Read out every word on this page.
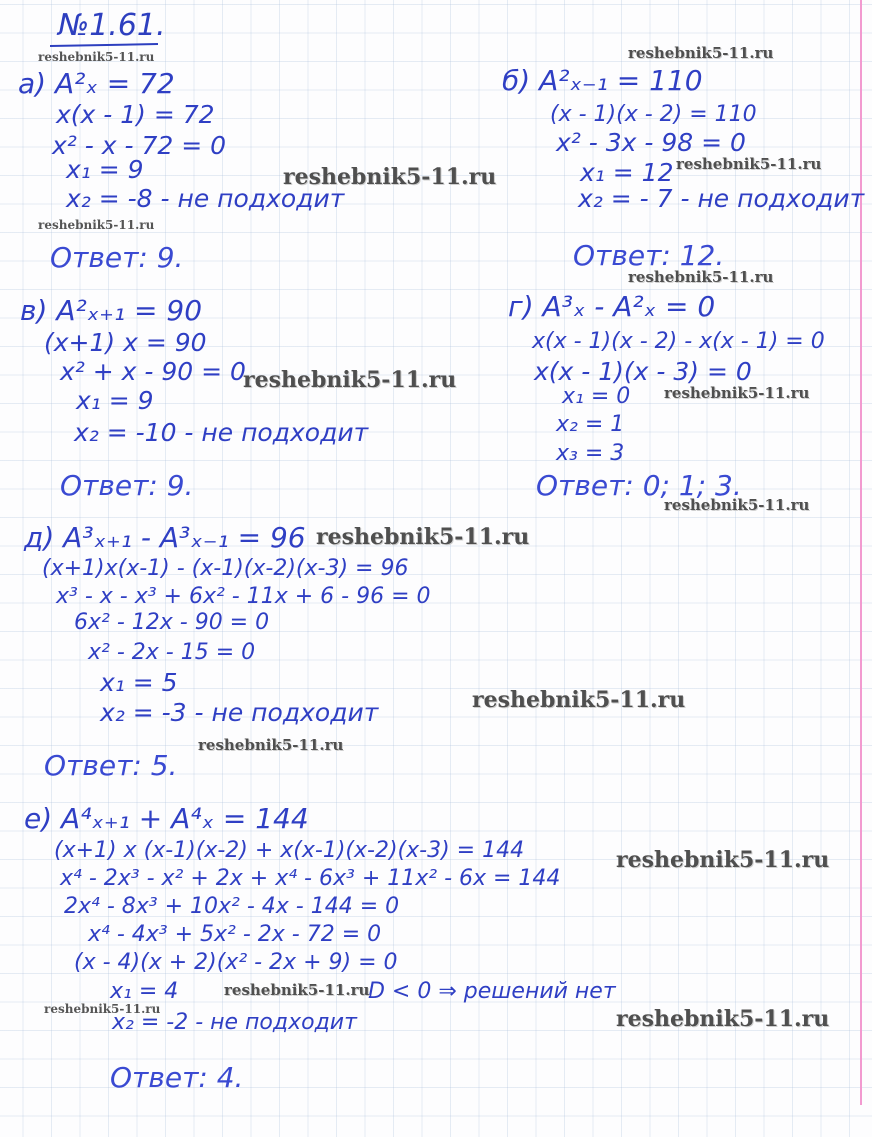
№1.61.
а) A²ₓ = 72
x(x - 1) = 72
x² - x - 72 = 0
x₁ = 9
x₂ = -8 - не подходит
Ответ: 9.
б) A²ₓ₋₁ = 110
(x - 1)(x - 2) = 110
x² - 3x - 98 = 0
x₁ = 12
x₂ = - 7 - не подходит
Ответ: 12.
в) A²ₓ₊₁ = 90
(x+1) x = 90
x² + x - 90 = 0
x₁ = 9
x₂ = -10 - не подходит
Ответ: 9.
г) A³ₓ - A²ₓ = 0
x(x - 1)(x - 2) - x(x - 1) = 0
x(x - 1)(x - 3) = 0
x₁ = 0
x₂ = 1
x₃ = 3
Ответ: 0; 1; 3.
д) A³ₓ₊₁ - A³ₓ₋₁ = 96
(x+1)x(x-1) - (x-1)(x-2)(x-3) = 96
x³ - x - x³ + 6x² - 11x + 6 - 96 = 0
6x² - 12x - 90 = 0
x² - 2x - 15 = 0
x₁ = 5
x₂ = -3 - не подходит
Ответ: 5.
е) A⁴ₓ₊₁ + A⁴ₓ = 144
(x+1) x (x-1)(x-2) + x(x-1)(x-2)(x-3) = 144
x⁴ - 2x³ - x² + 2x + x⁴ - 6x³ + 11x² - 6x = 144
2x⁴ - 8x³ + 10x² - 4x - 144 = 0
x⁴ - 4x³ + 5x² - 2x - 72 = 0
(x - 4)(x + 2)(x² - 2x + 9) = 0
x₁ = 4	D < 0 ⇒ решений нет
x₂ = -2 - не подходит
Ответ: 4.
reshebnik5-11.ru	reshebnik5-11.ru
reshebnik5-11.ru	reshebnik5-11.ru
reshebnik5-11.ru
reshebnik5-11.ru
reshebnik5-11.ru	reshebnik5-11.ru
reshebnik5-11.ru
reshebnik5-11.ru
reshebnik5-11.ru
reshebnik5-11.ru
reshebnik5-11.ru
reshebnik5-11.ru
reshebnik5-11.ru	reshebnik5-11.ru
